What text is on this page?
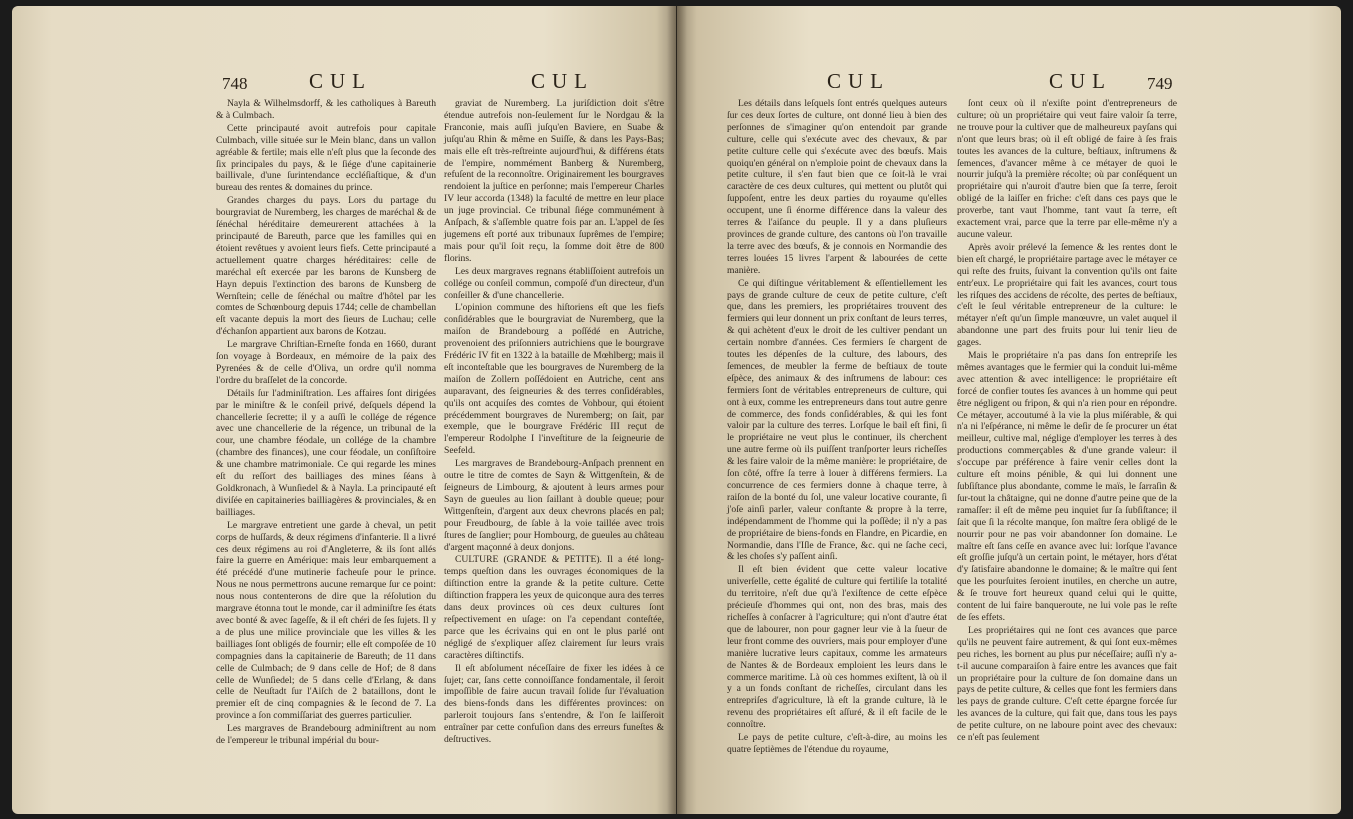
748	CUL	CUL

Nayla & Wilhelmsdorff, & les catholiques à Bareuth & à Culmbach.

Cette principauté avoit autrefois pour capitale Culmbach, ville située sur le Mein blanc, dans un vallon agréable & fertile; mais elle n'eſt plus que la ſeconde des ſix principales du pays, & le ſiége d'une capitainerie baillivale, d'une ſurintendance eccléſiaſtique, & d'un bureau des rentes & domaines du prince.

Grandes charges du pays. Lors du partage du bourgraviat de Nuremberg, les charges de maréchal & de ſénéchal héréditaire demeurerent attachées à la principauté de Bareuth, parce que les familles qui en étoient revêtues y avoient leurs fiefs. Cette principauté a actuellement quatre charges héréditaires: celle de maréchal eſt exercée par les barons de Kunsberg de Hayn depuis l'extinction des barons de Kunsberg de Wernſtein; celle de ſénéchal ou maître d'hôtel par les comtes de Schœnbourg depuis 1744; celle de chambellan eſt vacante depuis la mort des ſieurs de Luchau; celle d'échanſon appartient aux barons de Kotzau.

Le margrave Chriſtian-Erneſte fonda en 1660, durant ſon voyage à Bordeaux, en mémoire de la paix des Pyrenées & de celle d'Oliva, un ordre qu'il nomma l'ordre du braſſelet de la concorde.

Détails ſur l'adminiſtration. Les affaires ſont dirigées par le miniſtre & le conſeil privé, deſquels dépend la chancellerie ſecrette; il y a auſſi le collége de régence avec une chancellerie de la régence, un tribunal de la cour, une chambre féodale, un collége de la chambre (chambre des finances), une cour féodale, un conſiſtoire & une chambre matrimoniale. Ce qui regarde les mines eſt du reſſort des bailliages des mines ſéans à Goldkronach, à Wunſiedel & à Nayla. La principauté eſt diviſée en capitaineries bailliagères & provinciales, & en bailliages.

Le margrave entretient une garde à cheval, un petit corps de huſſards, & deux régimens d'infanterie. Il a livré ces deux régimens au roi d'Angleterre, & ils ſont allés faire la guerre en Amérique: mais leur embarquement a été précédé d'une mutinerie facheuſe pour le prince. Nous ne nous permettrons aucune remarque ſur ce point: nous nous contenterons de dire que la réſolution du margrave étonna tout le monde, car il adminiſtre ſes états avec bonté & avec ſageſſe, & il eſt chéri de ſes ſujets. Il y a de plus une milice provinciale que les villes & les bailliages ſont obligés de fournir; elle eſt compoſée de 10 compagnies dans la capitainerie de Bareuth; de 11 dans celle de Culmbach; de 9 dans celle de Hof; de 8 dans celle de Wunſiedel; de 5 dans celle d'Erlang, & dans celle de Neuſtadt ſur l'Aiſch de 2 bataillons, dont le premier eſt de cinq compagnies & le ſecond de 7. La province a ſon commiſſariat des guerres particulier.

Les margraves de Brandebourg adminiſtrent au nom de l'empereur le tribunal impérial du bour-

graviat de Nuremberg. La juriſdiction doit s'être étendue autrefois non-ſeulement ſur le Nordgau & la Franconie, mais auſſi juſqu'en Baviere, en Suabe & juſqu'au Rhin & même en Suiſſe, & dans les Pays-Bas; mais elle eſt très-reſtreinte aujourd'hui, & différens états de l'empire, nommément Banberg & Nuremberg, refuſent de la reconnoître. Originairement les bourgraves rendoient la juſtice en perſonne; mais l'empereur Charles IV leur accorda (1348) la faculté de mettre en leur place un juge provincial. Ce tribunal ſiége communément à Anſpach, & s'aſſemble quatre fois par an. L'appel de ſes jugemens eſt porté aux tribunaux ſuprêmes de l'empire; mais pour qu'il ſoit reçu, la ſomme doit être de 800 florins.

Les deux margraves regnans établiſſoient autrefois un collége ou conſeil commun, compoſé d'un directeur, d'un conſeiller & d'une chancellerie.

L'opinion commune des hiſtoriens eſt que les fiefs conſidérables que le bourgraviat de Nuremberg, que la maiſon de Brandebourg a poſſédé en Autriche, provenoient des priſonniers autrichiens que le bourgrave Frédéric IV fit en 1322 à la bataille de Mœhlberg; mais il eſt inconteſtable que les bourgraves de Nuremberg de la maiſon de Zollern poſſédoient en Autriche, cent ans auparavant, des ſeigneuries & des terres conſidérables, qu'ils ont acquiſes des comtes de Vohbour, qui étoient précédemment bourgraves de Nuremberg; on ſait, par exemple, que le bourgrave Frédéric III reçut de l'empereur Rodolphe I l'inveſtiture de la ſeigneurie de Seefeld.

Les margraves de Brandebourg-Anſpach prennent en outre le titre de comtes de Sayn & Wittgenſtein, & de ſeigneurs de Limbourg, & ajoutent à leurs armes pour Sayn de gueules au lion ſaillant à double queue; pour Wittgenſtein, d'argent aux deux chevrons placés en pal; pour Freudbourg, de ſable à la voie taillée avec trois ſtures de ſanglier; pour Hombourg, de gueules au château d'argent maçonné à deux donjons.

CULTURE (GRANDE & PETITE). Il a été long-temps queſtion dans les ouvrages économiques de la diſtinction entre la grande & la petite culture. Cette diſtinction frappera les yeux de quiconque aura des terres dans deux provinces où ces deux cultures ſont reſpectivement en uſage: on l'a cependant conteſtée, parce que les écrivains qui en ont le plus parlé ont négligé de s'expliquer aſſez clairement ſur leurs vrais caractères diſtinctifs.

Il eſt abſolument néceſſaire de fixer les idées à ce ſujet; car, ſans cette connoiſſance fondamentale, il ſeroit impoſſible de faire aucun travail ſolide ſur l'évaluation des biens-fonds dans les différentes provinces: on parleroit toujours ſans s'entendre, & l'on ſe laiſſeroit entraîner par cette confuſion dans des erreurs funeſtes & deſtructives.

CUL	CUL 749

Les détails dans leſquels ſont entrés quelques auteurs ſur ces deux ſortes de culture, ont donné lieu à bien des perſonnes de s'imaginer qu'on entendoit par grande culture, celle qui s'exécute avec des chevaux, & par petite culture celle qui s'exécute avec des bœufs. Mais quoiqu'en général on n'emploie point de chevaux dans la petite culture, il s'en faut bien que ce ſoit-là le vrai caractère de ces deux cultures, qui mettent ou plutôt qui ſuppoſent, entre les deux parties du royaume qu'elles occupent, une ſi énorme différence dans la valeur des terres & l'aiſance du peuple. Il y a dans pluſieurs provinces de grande culture, des cantons où l'on travaille la terre avec des bœufs, & je connois en Normandie des terres louées 15 livres l'arpent & labourées de cette manière.

Ce qui diſtingue véritablement & eſſentiellement les pays de grande culture de ceux de petite culture, c'eſt que, dans les premiers, les propriétaires trouvent des fermiers qui leur donnent un prix conſtant de leurs terres, & qui achètent d'eux le droit de les cultiver pendant un certain nombre d'années. Ces fermiers ſe chargent de toutes les dépenſes de la culture, des labours, des ſemences, de meubler la ferme de beſtiaux de toute eſpèce, des animaux & des inſtrumens de labour: ces fermiers ſont de véritables entrepreneurs de culture, qui ont à eux, comme les entrepreneurs dans tout autre genre de commerce, des fonds conſidérables, & qui les font valoir par la culture des terres. Lorſque le bail eſt fini, ſi le propriétaire ne veut plus le continuer, ils cherchent une autre ferme où ils puiſſent tranſporter leurs richeſſes & les faire valoir de la même manière: le propriétaire, de ſon côté, offre ſa terre à louer à différens fermiers. La concurrence de ces fermiers donne à chaque terre, à raiſon de la bonté du ſol, une valeur locative courante, ſi j'oſe ainſi parler, valeur conſtante & propre à la terre, indépendamment de l'homme qui la poſſède; il n'y a pas de propriétaire de biens-fonds en Flandre, en Picardie, en Normandie, dans l'Iſle de France, &c. qui ne ſache ceci, & les choſes s'y paſſent ainſi.

Il eſt bien évident que cette valeur locative univerſelle, cette égalité de culture qui fertiliſe la totalité du territoire, n'eſt due qu'à l'exiſtence de cette eſpèce précieuſe d'hommes qui ont, non des bras, mais des richeſſes à conſacrer à l'agriculture; qui n'ont d'autre état que de labourer, non pour gagner leur vie à la ſueur de leur front comme des ouvriers, mais pour employer d'une manière lucrative leurs capitaux, comme les armateurs de Nantes & de Bordeaux emploient les leurs dans le commerce maritime. Là où ces hommes exiſtent, là où il y a un fonds conſtant de richeſſes, circulant dans les entrepriſes d'agriculture, là eſt la grande culture, là le revenu des propriétaires eſt aſſuré, & il eſt facile de le connoître.

Le pays de petite culture, c'eſt-à-dire, au moins les quatre ſeptièmes de l'étendue du royaume,

ſont ceux où il n'exiſte point d'entrepreneurs de culture; où un propriétaire qui veut faire valoir ſa terre, ne trouve pour la cultiver que de malheureux payſans qui n'ont que leurs bras; où il eſt obligé de faire à ſes frais toutes les avances de la culture, beſtiaux, inſtrumens & ſemences, d'avancer même à ce métayer de quoi le nourrir juſqu'à la première récolte; où par conſéquent un propriétaire qui n'auroit d'autre bien que ſa terre, ſeroit obligé de la laiſſer en friche: c'eſt dans ces pays que le proverbe, tant vaut l'homme, tant vaut ſa terre, eſt exactement vrai, parce que la terre par elle-même n'y a aucune valeur.

Après avoir prélevé la ſemence & les rentes dont le bien eſt chargé, le propriétaire partage avec le métayer ce qui reſte des fruits, ſuivant la convention qu'ils ont faite entr'eux. Le propriétaire qui fait les avances, court tous les riſques des accidens de récolte, des pertes de beſtiaux, c'eſt le ſeul véritable entrepreneur de la culture: le métayer n'eſt qu'un ſimple manœuvre, un valet auquel il abandonne une part des fruits pour lui tenir lieu de gages.

Mais le propriétaire n'a pas dans ſon entrepriſe les mêmes avantages que le fermier qui la conduit lui-même avec attention & avec intelligence: le propriétaire eſt forcé de confier toutes ſes avances à un homme qui peut être négligent ou fripon, & qui n'a rien pour en répondre. Ce métayer, accoutumé à la vie la plus miſérable, & qui n'a ni l'eſpérance, ni même le deſir de ſe procurer un état meilleur, cultive mal, néglige d'employer les terres à des productions commerçables & d'une grande valeur: il s'occupe par préférence à faire venir celles dont la culture eſt moins pénible, & qui lui donnent une ſubſiſtance plus abondante, comme le maïs, le ſarraſin & ſur-tout la châtaigne, qui ne donne d'autre peine que de la ramaſſer: il eſt de même peu inquiet ſur ſa ſubſiſtance; il ſait que ſi la récolte manque, ſon maître ſera obligé de le nourrir pour ne pas voir abandonner ſon domaine. Le maître eſt ſans ceſſe en avance avec lui: lorſque l'avance eſt groſſie juſqu'à un certain point, le métayer, hors d'état d'y ſatisfaire abandonne le domaine; & le maître qui ſent que les pourſuites ſeroient inutiles, en cherche un autre, & ſe trouve fort heureux quand celui qui le quitte, content de lui faire banqueroute, ne lui vole pas le reſte de ſes effets.

Les propriétaires qui ne ſont ces avances que parce qu'ils ne peuvent faire autrement, & qui ſont eux-mêmes peu riches, les bornent au plus pur néceſſaire; auſſi n'y a-t-il aucune comparaiſon à faire entre les avances que fait un propriétaire pour la culture de ſon domaine dans un pays de petite culture, & celles que font les fermiers dans les pays de grande culture. C'eſt cette épargne forcée ſur les avances de la culture, qui fait que, dans tous les pays de petite culture, on ne laboure point avec des chevaux: ce n'eſt pas ſeulement
